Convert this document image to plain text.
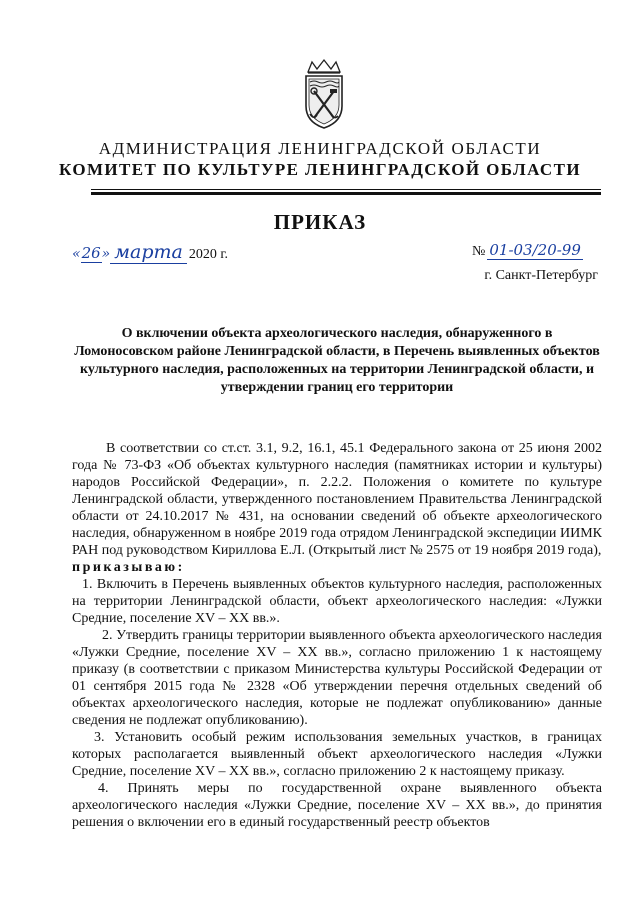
АДМИНИСТРАЦИЯ ЛЕНИНГРАДСКОЙ ОБЛАСТИ
КОМИТЕТ ПО КУЛЬТУРЕ ЛЕНИНГРАДСКОЙ ОБЛАСТИ
ПРИКАЗ
« 26 » марта 2020 г.	№ 01-03/20-99
г. Санкт-Петербург
О включении объекта археологического наследия, обнаруженного в Ломоносовском районе Ленинградской области, в Перечень выявленных объектов культурного наследия, расположенных на территории Ленинградской области, и утверждении границ его территории

В соответствии со ст.ст. 3.1, 9.2, 16.1, 45.1 Федерального закона от 25 июня 2002 года № 73-ФЗ «Об объектах культурного наследия (памятниках истории и культуры) народов Российской Федерации», п. 2.2.2. Положения о комитете по культуре Ленинградской области, утвержденного постановлением Правительства Ленинградской области от 24.10.2017 № 431, на основании сведений об объекте археологического наследия, обнаруженном в ноябре 2019 года отрядом Ленинградской экспедиции ИИМК РАН под руководством Кириллова Е.Л. (Открытый лист № 2575 от 19 ноября 2019 года),

приказываю:

1. Включить в Перечень выявленных объектов культурного наследия, расположенных на территории Ленинградской области, объект археологического наследия: «Лужки Средние, поселение XV – XX вв.».

2. Утвердить границы территории выявленного объекта археологического наследия «Лужки Средние, поселение XV – XX вв.», согласно приложению 1 к настоящему приказу (в соответствии с приказом Министерства культуры Российской Федерации от 01 сентября 2015 года № 2328 «Об утверждении перечня отдельных сведений об объектах археологического наследия, которые не подлежат опубликованию» данные сведения не подлежат опубликованию).

3. Установить особый режим использования земельных участков, в границах которых располагается выявленный объект археологического наследия «Лужки Средние, поселение XV – XX вв.», согласно приложению 2 к настоящему приказу.

4. Принять меры по государственной охране выявленного объекта археологического наследия «Лужки Средние, поселение XV – XX вв.», до принятия решения о включении его в единый государственный реестр объектов
